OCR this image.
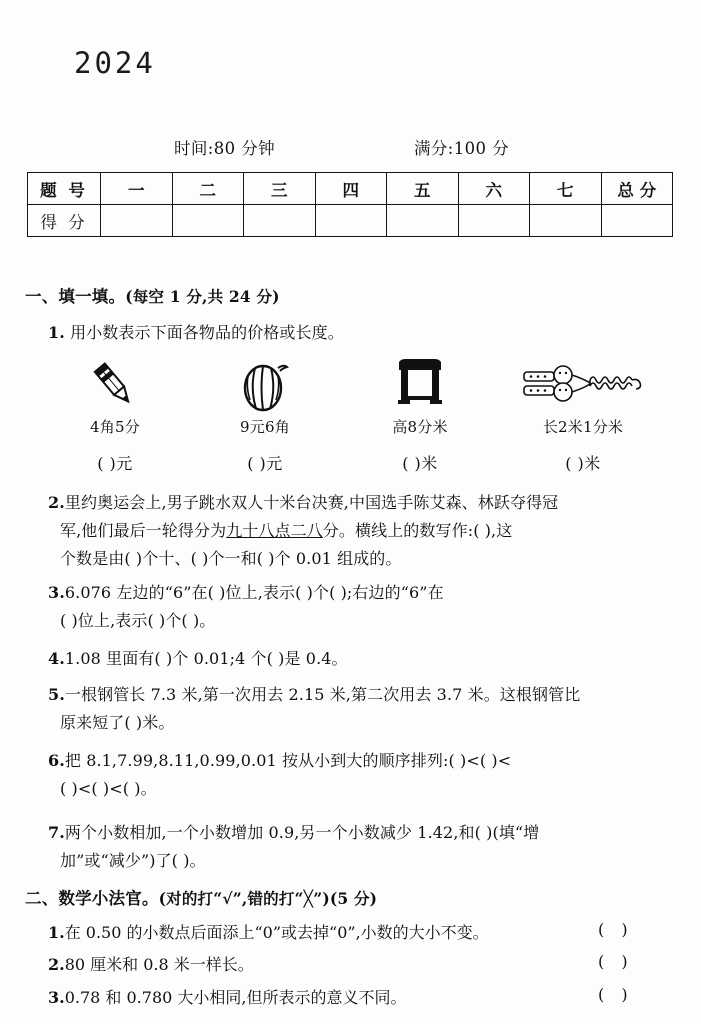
2024
时间:80 分钟	满分:100 分
题 号	一	二	三	四	五	六	七	总 分
得 分								
一、填一填。(每空 1 分,共 24 分)
1. 用小数表示下面各物品的价格或长度。
4角5分
( )元
9元6角
( )元
高8分米
( )米
长2米1分米
( )米
2.里约奥运会上,男子跳水双人十米台决赛,中国选手陈艾森、林跃夺得冠
军,他们最后一轮得分为九十八点二八分。横线上的数写作:( ),这
个数是由( )个十、( )个一和( )个 0.01 组成的。
3.6.076 左边的“6”在( )位上,表示( )个( );右边的“6”在
( )位上,表示( )个( )。
4.1.08 里面有( )个 0.01;4 个( )是 0.4。
5.一根钢管长 7.3 米,第一次用去 2.15 米,第二次用去 3.7 米。这根钢管比
原来短了( )米。
6.把 8.1,7.99,8.11,0.99,0.01 按从小到大的顺序排列:( )<( )<
( )<( )<( )。
7.两个小数相加,一个小数增加 0.9,另一个小数减少 1.42,和( )(填“增
加”或“减少”)了( )。
二、数学小法官。(对的打“√”,错的打“╳”)(5 分)
1.在 0.50 的小数点后面添上“0”或去掉“0”,小数的大小不变。	( )
2.80 厘米和 0.8 米一样长。	( )
3.0.78 和 0.780 大小相同,但所表示的意义不同。	( )
